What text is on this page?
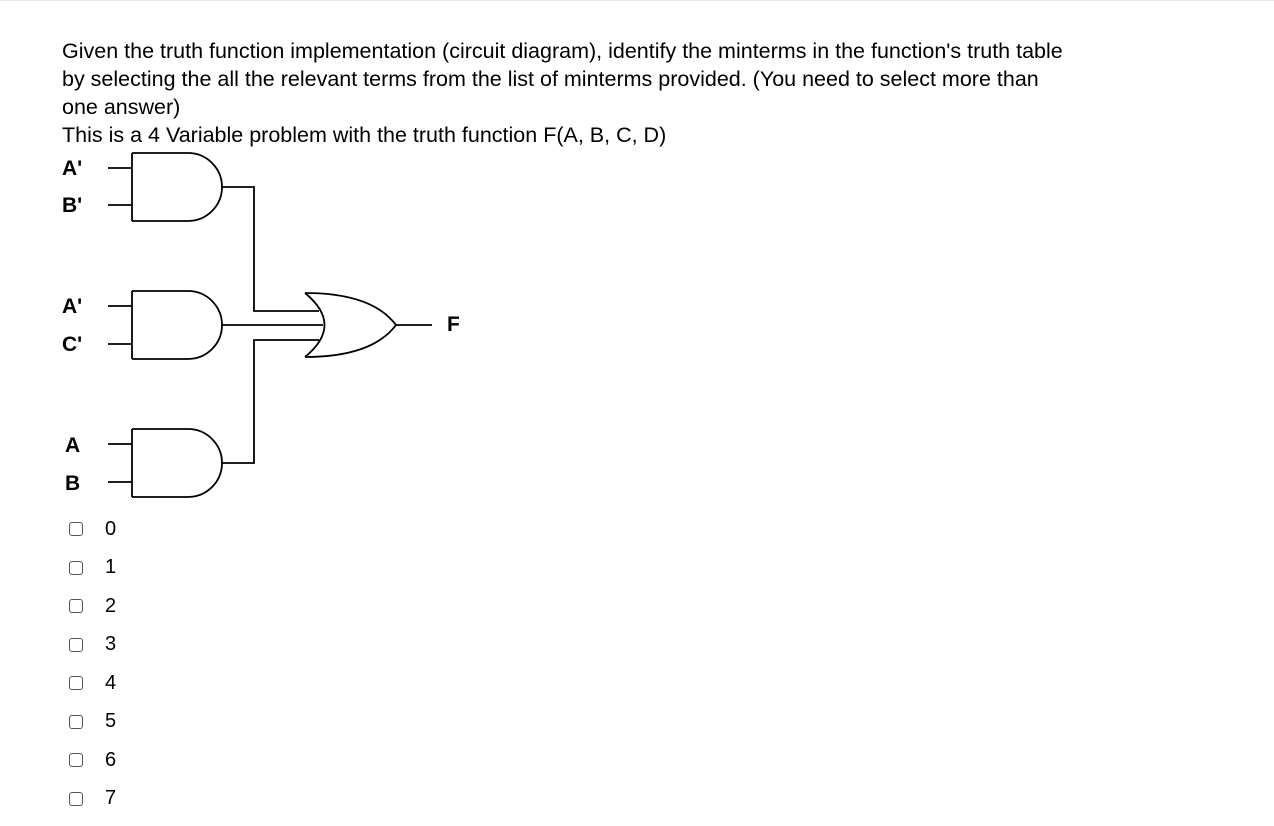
Given the truth function implementation (circuit diagram), identify the minterms in the function's truth table by selecting the all the relevant terms from the list of minterms provided. (You need to select more than one answer)

This is a 4 Variable problem with the truth function F(A, B, C, D)

A'
B'
A'
C'
A
B
F
0
1
2
3
4
5
6
7
